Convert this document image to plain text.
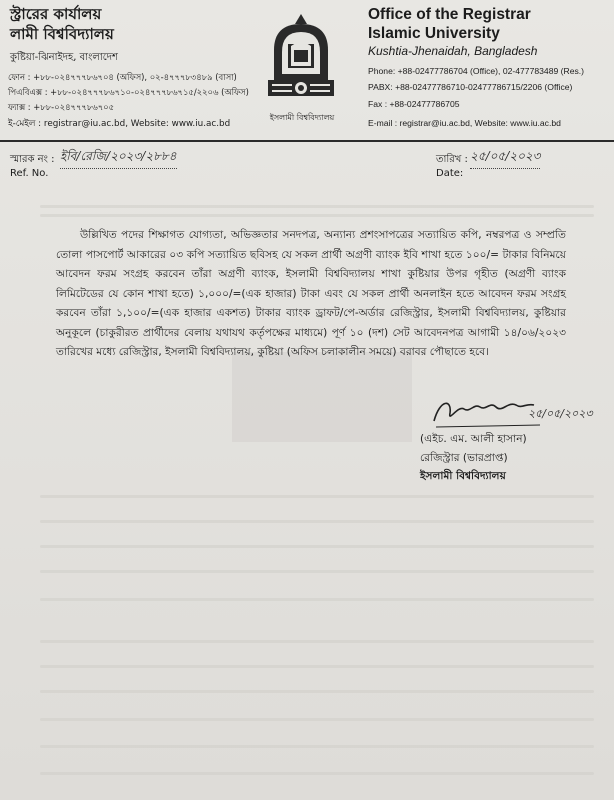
স্ট্রারের কার্যালয়
লামী বিশ্ববিদ্যালয়
কুষ্টিয়া-ঝিনাইদহ, বাংলাদেশ
ফোন : +৮৮-০২৪৭৭৭৮৬৭০৪ (অফিস), ০২-৪৭৭৭৮৩৪৮৯ (বাসা)
পিএবিএক্স : +৮৮-০২৪৭৭৭৮৬৭১০-০২৪৭৭৭৮৬৭১৫/২২০৬ (অফিস)
ফ্যাক্স : +৮৮-০২৪৭৭৭৮৬৭০৫
ই-মেইল : registrar@iu.ac.bd, Website: www.iu.ac.bd
ইসলামী বিশ্ববিদ্যালয়
Office of the Registrar
Islamic University
Kushtia-Jhenaidah, Bangladesh
Phone: +88-02477786704 (Office), 02-477783489 (Res.)
PABX: +88-02477786710-02477786715/2206 (Office)
Fax : +88-02477786705
E-mail : registrar@iu.ac.bd, Website: www.iu.ac.bd
স্মারক নং :
Ref. No.
ইবি/রেজি/২০২৩/২৮৮৪	তারিখ :
Date:
২৫/০৫/২০২৩
উল্লিখিত পদের শিক্ষাগত যোগ্যতা, অভিজ্ঞতার সনদপত্র, অন্যান্য প্রশংসাপত্রের সত্যায়িত কপি, নম্বরপত্র ও সম্প্রতি তোলা পাসপোর্ট আকারের ০৩ কপি সত্যায়িত ছবিসহ যে সকল প্রার্থী অগ্রণী ব্যাংক ইবি শাখা হতে ১০০/= টাকার বিনিময়ে আবেদন ফরম সংগ্রহ করবেন তাঁরা অগ্রণী ব্যাংক, ইসলামী বিশ্ববিদ্যালয় শাখা কুষ্টিয়ার উপর গৃহীত (অগ্রণী ব্যাংক লিমিটেডের যে কোন শাখা হতে) ১,০০০/=(এক হাজার) টাকা এবং যে সকল প্রার্থী অনলাইন হতে আবেদন ফরম সংগ্রহ করবেন তাঁরা ১,১০০/=(এক হাজার একশত) টাকার ব্যাংক ড্রাফট/পে-অর্ডার রেজিস্ট্রার, ইসলামী বিশ্ববিদ্যালয়, কুষ্টিয়ার অনুকূলে (চাকুরীরত প্রার্থীদের বেলায় যথাযথ কর্তৃপক্ষের মাধ্যমে) পূর্ণ ১০ (দশ) সেট আবেদনপত্র আগামী ১৪/০৬/২০২৩ তারিখের মধ্যে রেজিস্ট্রার, ইসলামী বিশ্ববিদ্যালয়, কুষ্টিয়া (অফিস চলাকালীন সময়ে) বরাবর পৌছাতে হবে।
২৫/০৫/২০২৩
(এইচ. এম. আলী হাসান)
রেজিস্ট্রার (ভারপ্রাপ্ত)
ইসলামী বিশ্ববিদ্যালয়
